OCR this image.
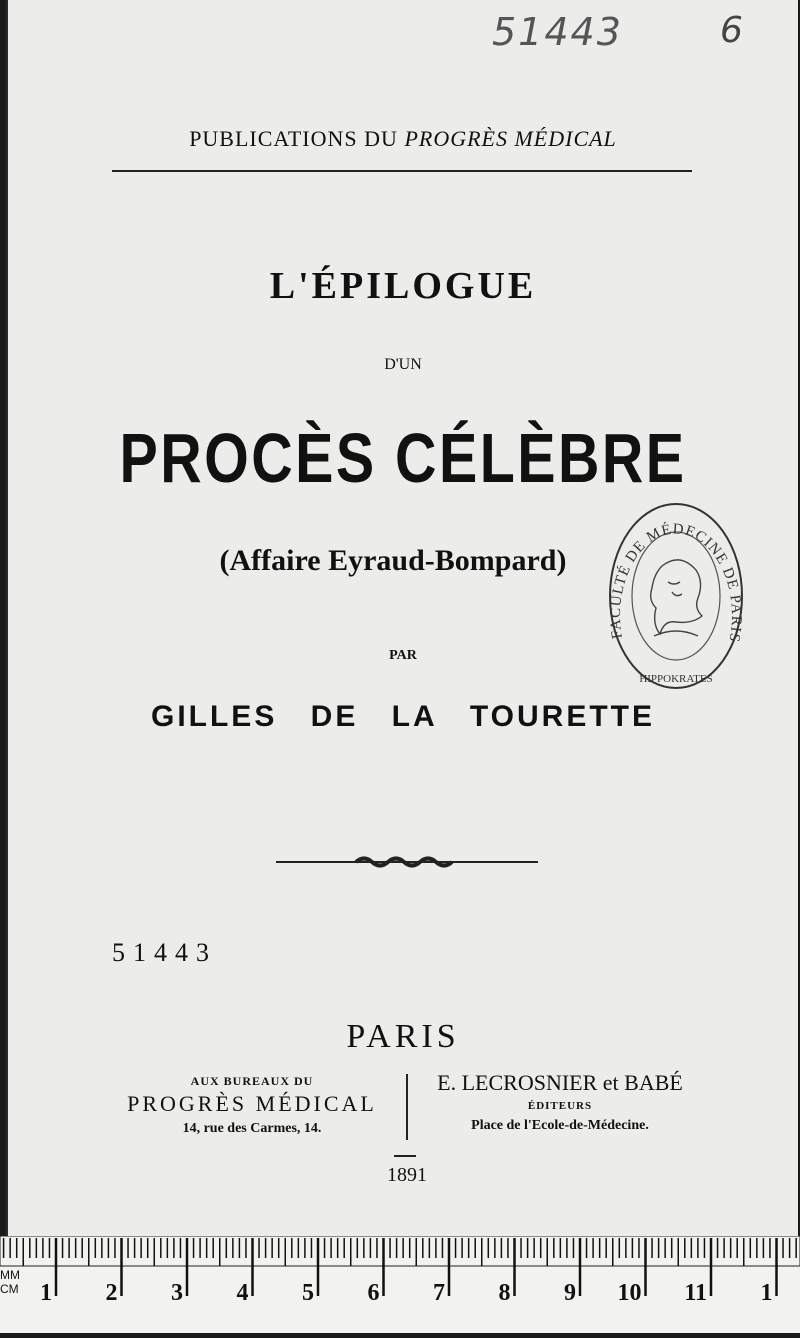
51443	6
PUBLICATIONS DU PROGRÈS MÉDICAL
L'ÉPILOGUE
D'UN
PROCÈS CÉLÈBRE
(Affaire Eyraud-Bompard)
PAR
GILLES DE LA TOURETTE
51443
PARIS
AUX BUREAUX DU
PROGRÈS MÉDICAL
14, rue des Carmes, 14.
E. LECROSNIER et BABÉ
ÉDITEURS
Place de l'Ecole-de-Médecine.
1891
FACULTÉ DE MÉDECINE DE PARIS
HIPPOKRATES
1 2 3 4 5 6 7 8 9 10 11 1
MM
CM
